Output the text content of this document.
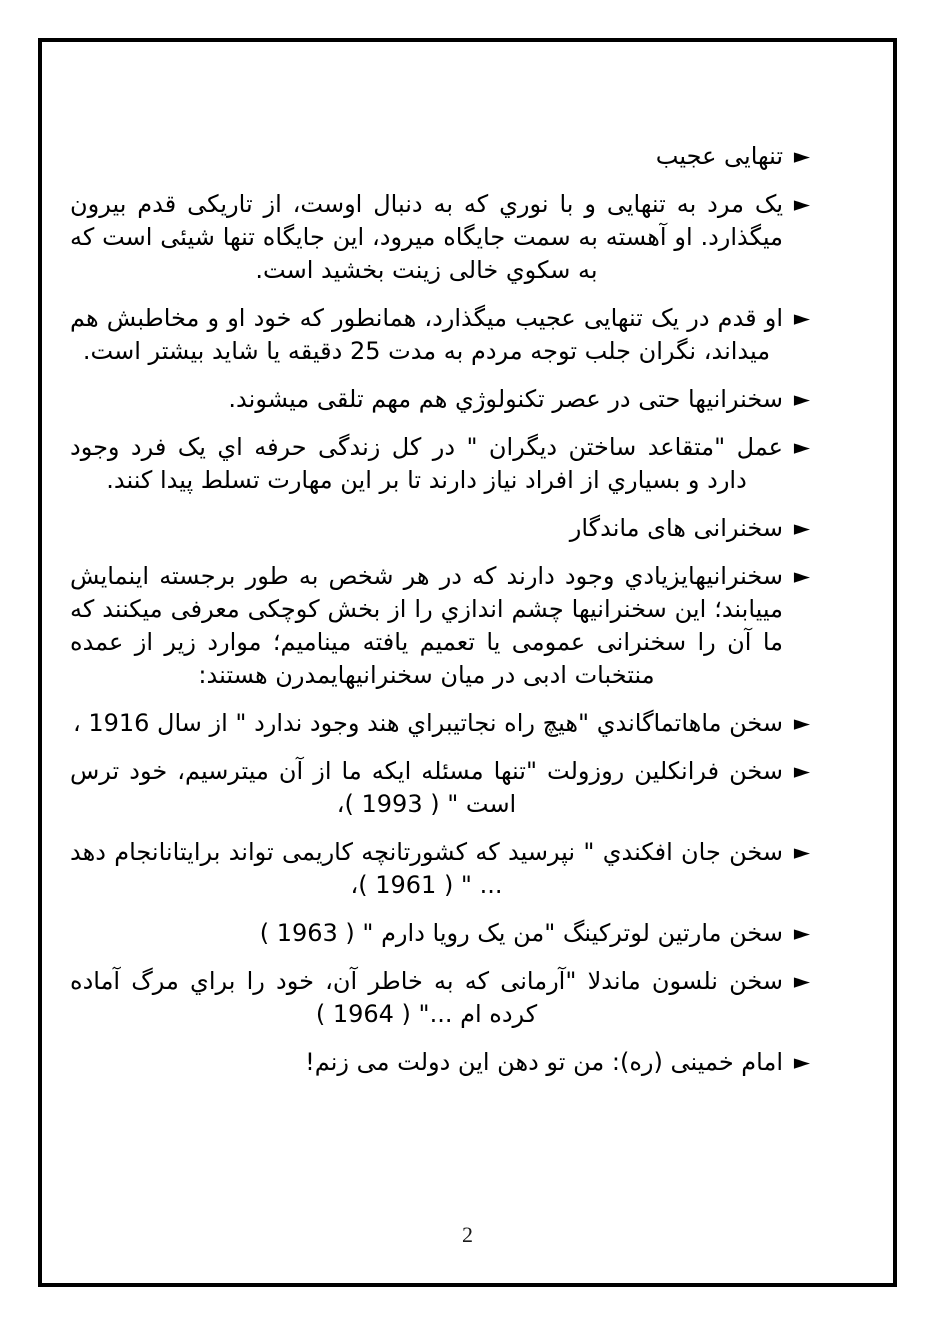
►
تنهایی عجیب
►
یک مرد به تنهایی و با نوري که به دنبال اوست، از تاریکی قدم بیرون میگذارد. او آهسته به سمت جایگاه میرود، این جایگاه تنها شیئی است که به سکوي خالی زینت بخشید است.
►
او قدم در یک تنهایی عجیب میگذارد، همانطور که خود او و مخاطبش هم میداند، نگران جلب توجه مردم به مدت 25 دقیقه یا شاید بیشتر است.
►
سخنرانیها حتی در عصر تکنولوژي هم مهم تلقی میشوند.
►
عمل "متقاعد ساختن دیگران " در کل زندگی حرفه اي یک فرد وجود دارد و بسیاري از افراد نیاز دارند تا بر این مهارت تسلط پیدا کنند.
►
سخنرانی های ماندگار
►
سخنرانیهایزیادي وجود دارند که در هر شخص به طور برجسته اینمایش مییابند؛ این سخنرانیها چشم اندازي را از بخش کوچکی معرفی میکنند که ما آن را سخنرانی عمومی یا تعمیم یافته مینامیم؛ موارد زیر از عمده منتخبات ادبی در میان سخنرانیهایمدرن هستند:
►
سخن ماهاتماگاندي "هیچ راه نجاتیبراي هند وجود ندارد " از سال 1916 ،
►
سخن فرانکلین روزولت "تنها مسئله ایکه ما از آن میترسیم، خود ترس است " ( 1993 )،
►
سخن جان افکندي " نپرسید که کشورتانچه کاریمی تواند برایتانانجام دهد ... " ( 1961 )،
►
سخن مارتین لوترکینگ "من یک رویا دارم " ( 1963 )
►
سخن نلسون ماندلا "آرمانی که به خاطر آن، خود را براي مرگ آماده کرده ام ..." ( 1964 )
►
امام خمینی (ره): من تو دهن این دولت می زنم!
2
